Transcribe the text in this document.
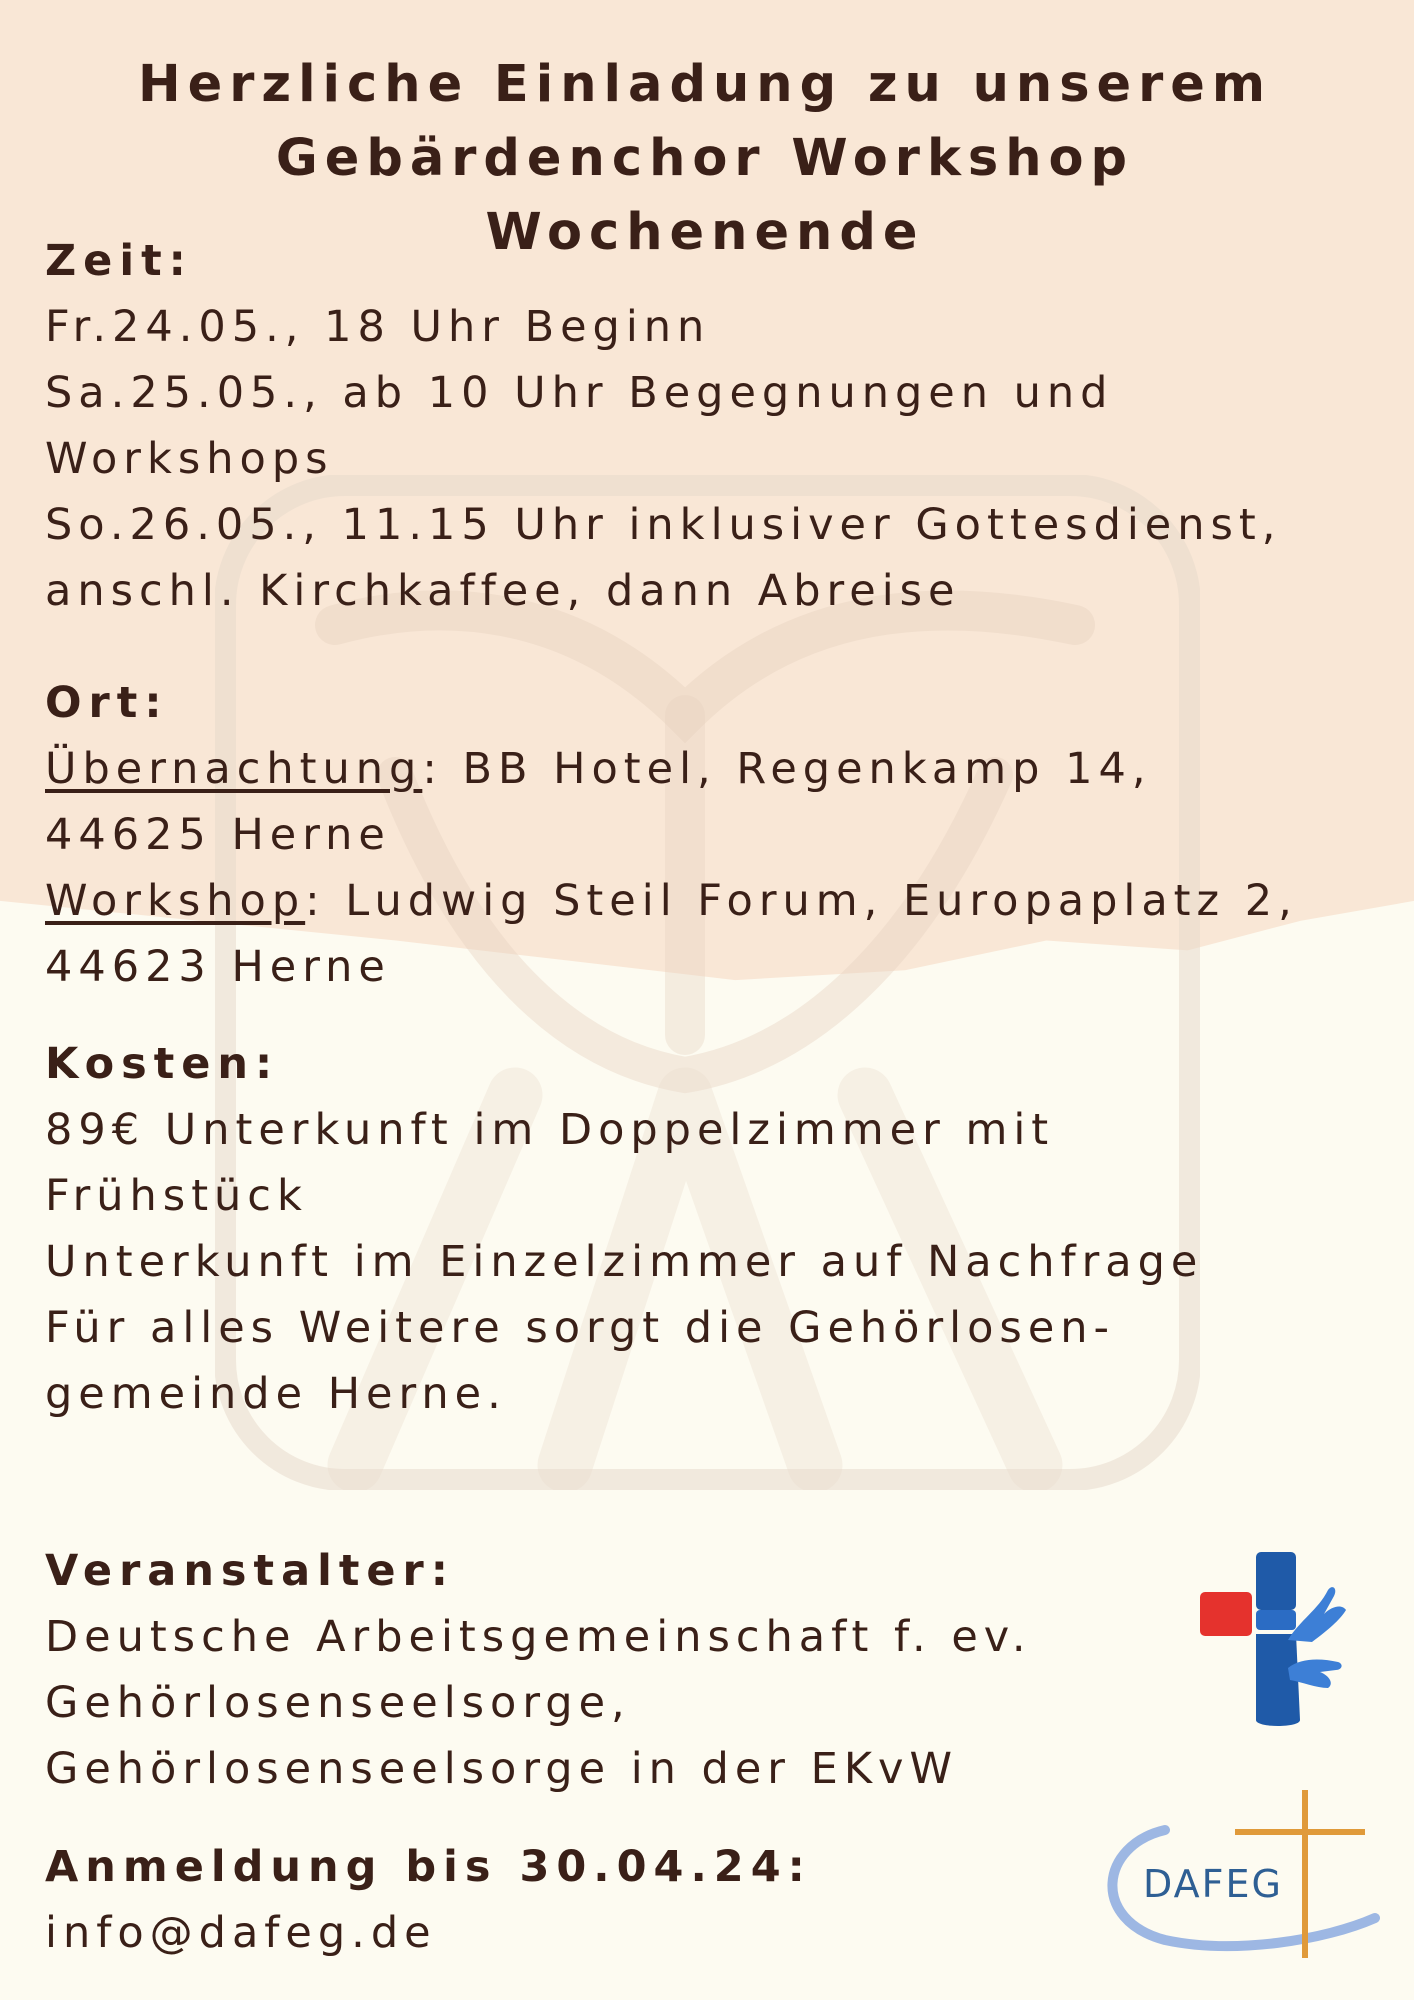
Herzliche Einladung zu unserem
Gebärdenchor Workshop Wochenende
Zeit:
Fr.24.05., 18 Uhr Beginn
Sa.25.05., ab 10 Uhr Begegnungen und
Workshops
So.26.05., 11.15 Uhr inklusiver Gottesdienst,
anschl. Kirchkaffee, dann Abreise
Ort:
Übernachtung: BB Hotel, Regenkamp 14,
44625 Herne
Workshop: Ludwig Steil Forum, Europaplatz 2,
44623 Herne
Kosten:
89€ Unterkunft im Doppelzimmer mit
Frühstück
Unterkunft im Einzelzimmer auf Nachfrage
Für alles Weitere sorgt die Gehörlosen-
gemeinde Herne.
Veranstalter:
Deutsche Arbeitsgemeinschaft f. ev.
Gehörlosenseelsorge,
Gehörlosenseelsorge in der EKvW
Anmeldung bis 30.04.24:
info@dafeg.de
DAFEG
